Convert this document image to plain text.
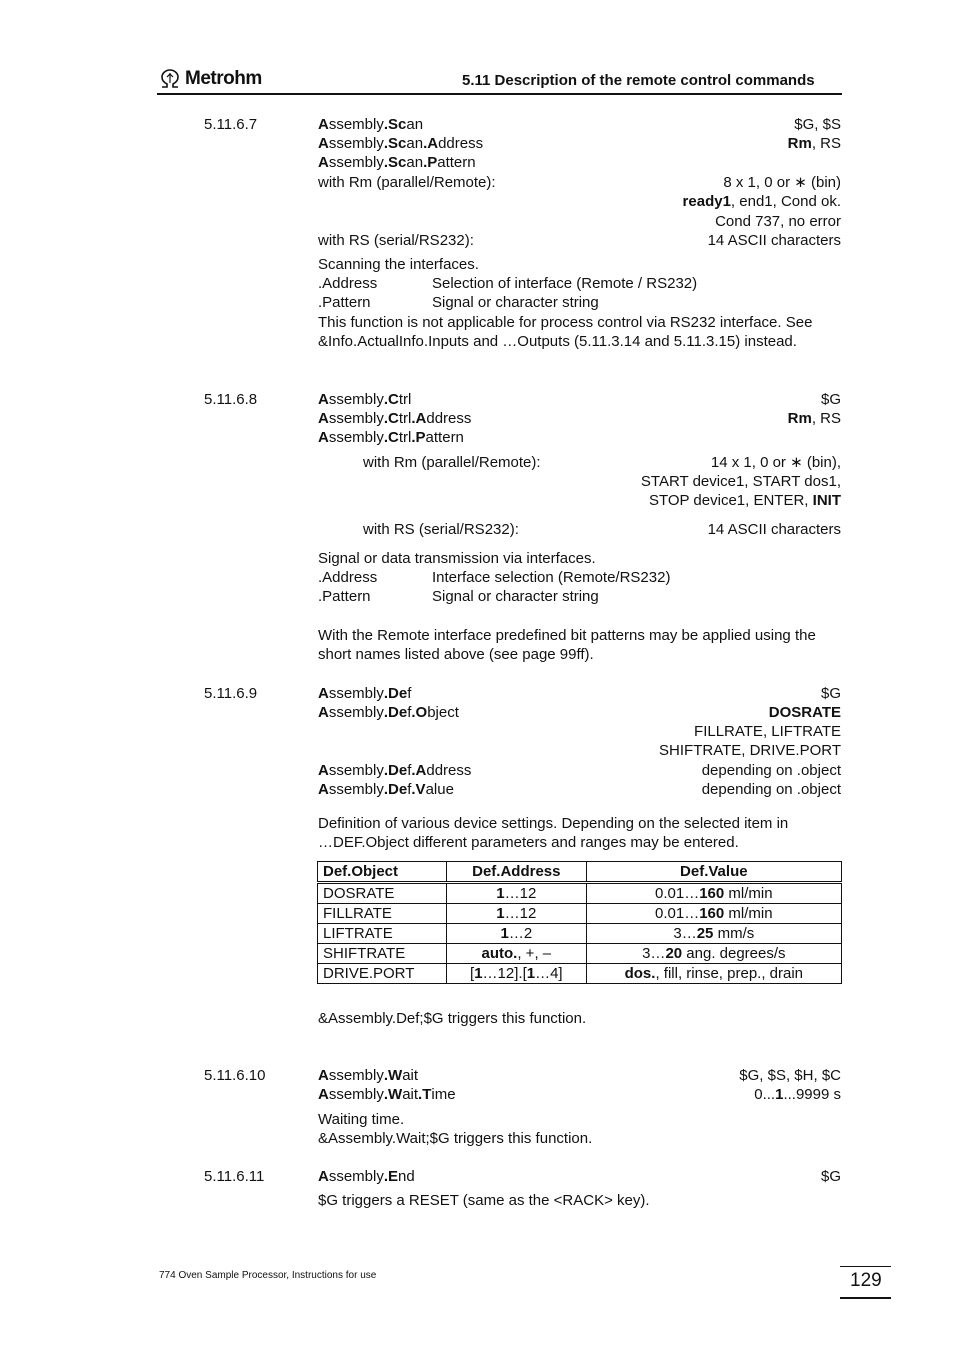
Metrohm	5.11 Description of the remote control commands
5.11.6.7	Assembly.Scan	$G, $S
Assembly.Scan.Address	Rm, RS
Assembly.Scan.Pattern
with Rm (parallel/Remote):	8 x 1, 0 or ∗ (bin)
ready1, end1, Cond ok.
Cond 737, no error
with RS (serial/RS232):	14 ASCII characters
Scanning the interfaces.
.Address	Selection of interface (Remote / RS232)
.Pattern	Signal or character string
This function is not applicable for process control via RS232 interface. See
&Info.ActualInfo.Inputs and …Outputs (5.11.3.14 and 5.11.3.15) instead.
5.11.6.8	Assembly.Ctrl	$G
Assembly.Ctrl.Address	Rm, RS
Assembly.Ctrl.Pattern
with Rm (parallel/Remote):	14 x 1, 0 or ∗ (bin),
START device1, START dos1,
STOP device1, ENTER, INIT
with RS (serial/RS232):	14 ASCII characters
Signal or data transmission via interfaces.
.Address	Interface selection (Remote/RS232)
.Pattern	Signal or character string
With the Remote interface predefined bit patterns may be applied using the
short names listed above (see page 99ff).
5.11.6.9	Assembly.Def	$G
Assembly.Def.Object	DOSRATE
FILLRATE, LIFTRATE
SHIFTRATE, DRIVE.PORT
Assembly.Def.Address	depending on .object
Assembly.Def.Value	depending on .object
Definition of various device settings. Depending on the selected item in
…DEF.Object different parameters and ranges may be entered.
Def.Object	Def.Address	Def.Value
DOSRATE	1…12	0.01…160 ml/min
FILLRATE	1…12	0.01…160 ml/min
LIFTRATE	1…2	3…25 mm/s
SHIFTRATE	auto., +, –	3…20 ang. degrees/s
DRIVE.PORT	[1…12].[1…4]	dos., fill, rinse, prep., drain
&Assembly.Def;$G triggers this function.
5.11.6.10	Assembly.Wait	$G, $S, $H, $C
Assembly.Wait.Time	0...1...9999 s
Waiting time.
&Assembly.Wait;$G triggers this function.
5.11.6.11	Assembly.End	$G
$G triggers a RESET (same as the <RACK> key).
774 Oven Sample Processor, Instructions for use	129
